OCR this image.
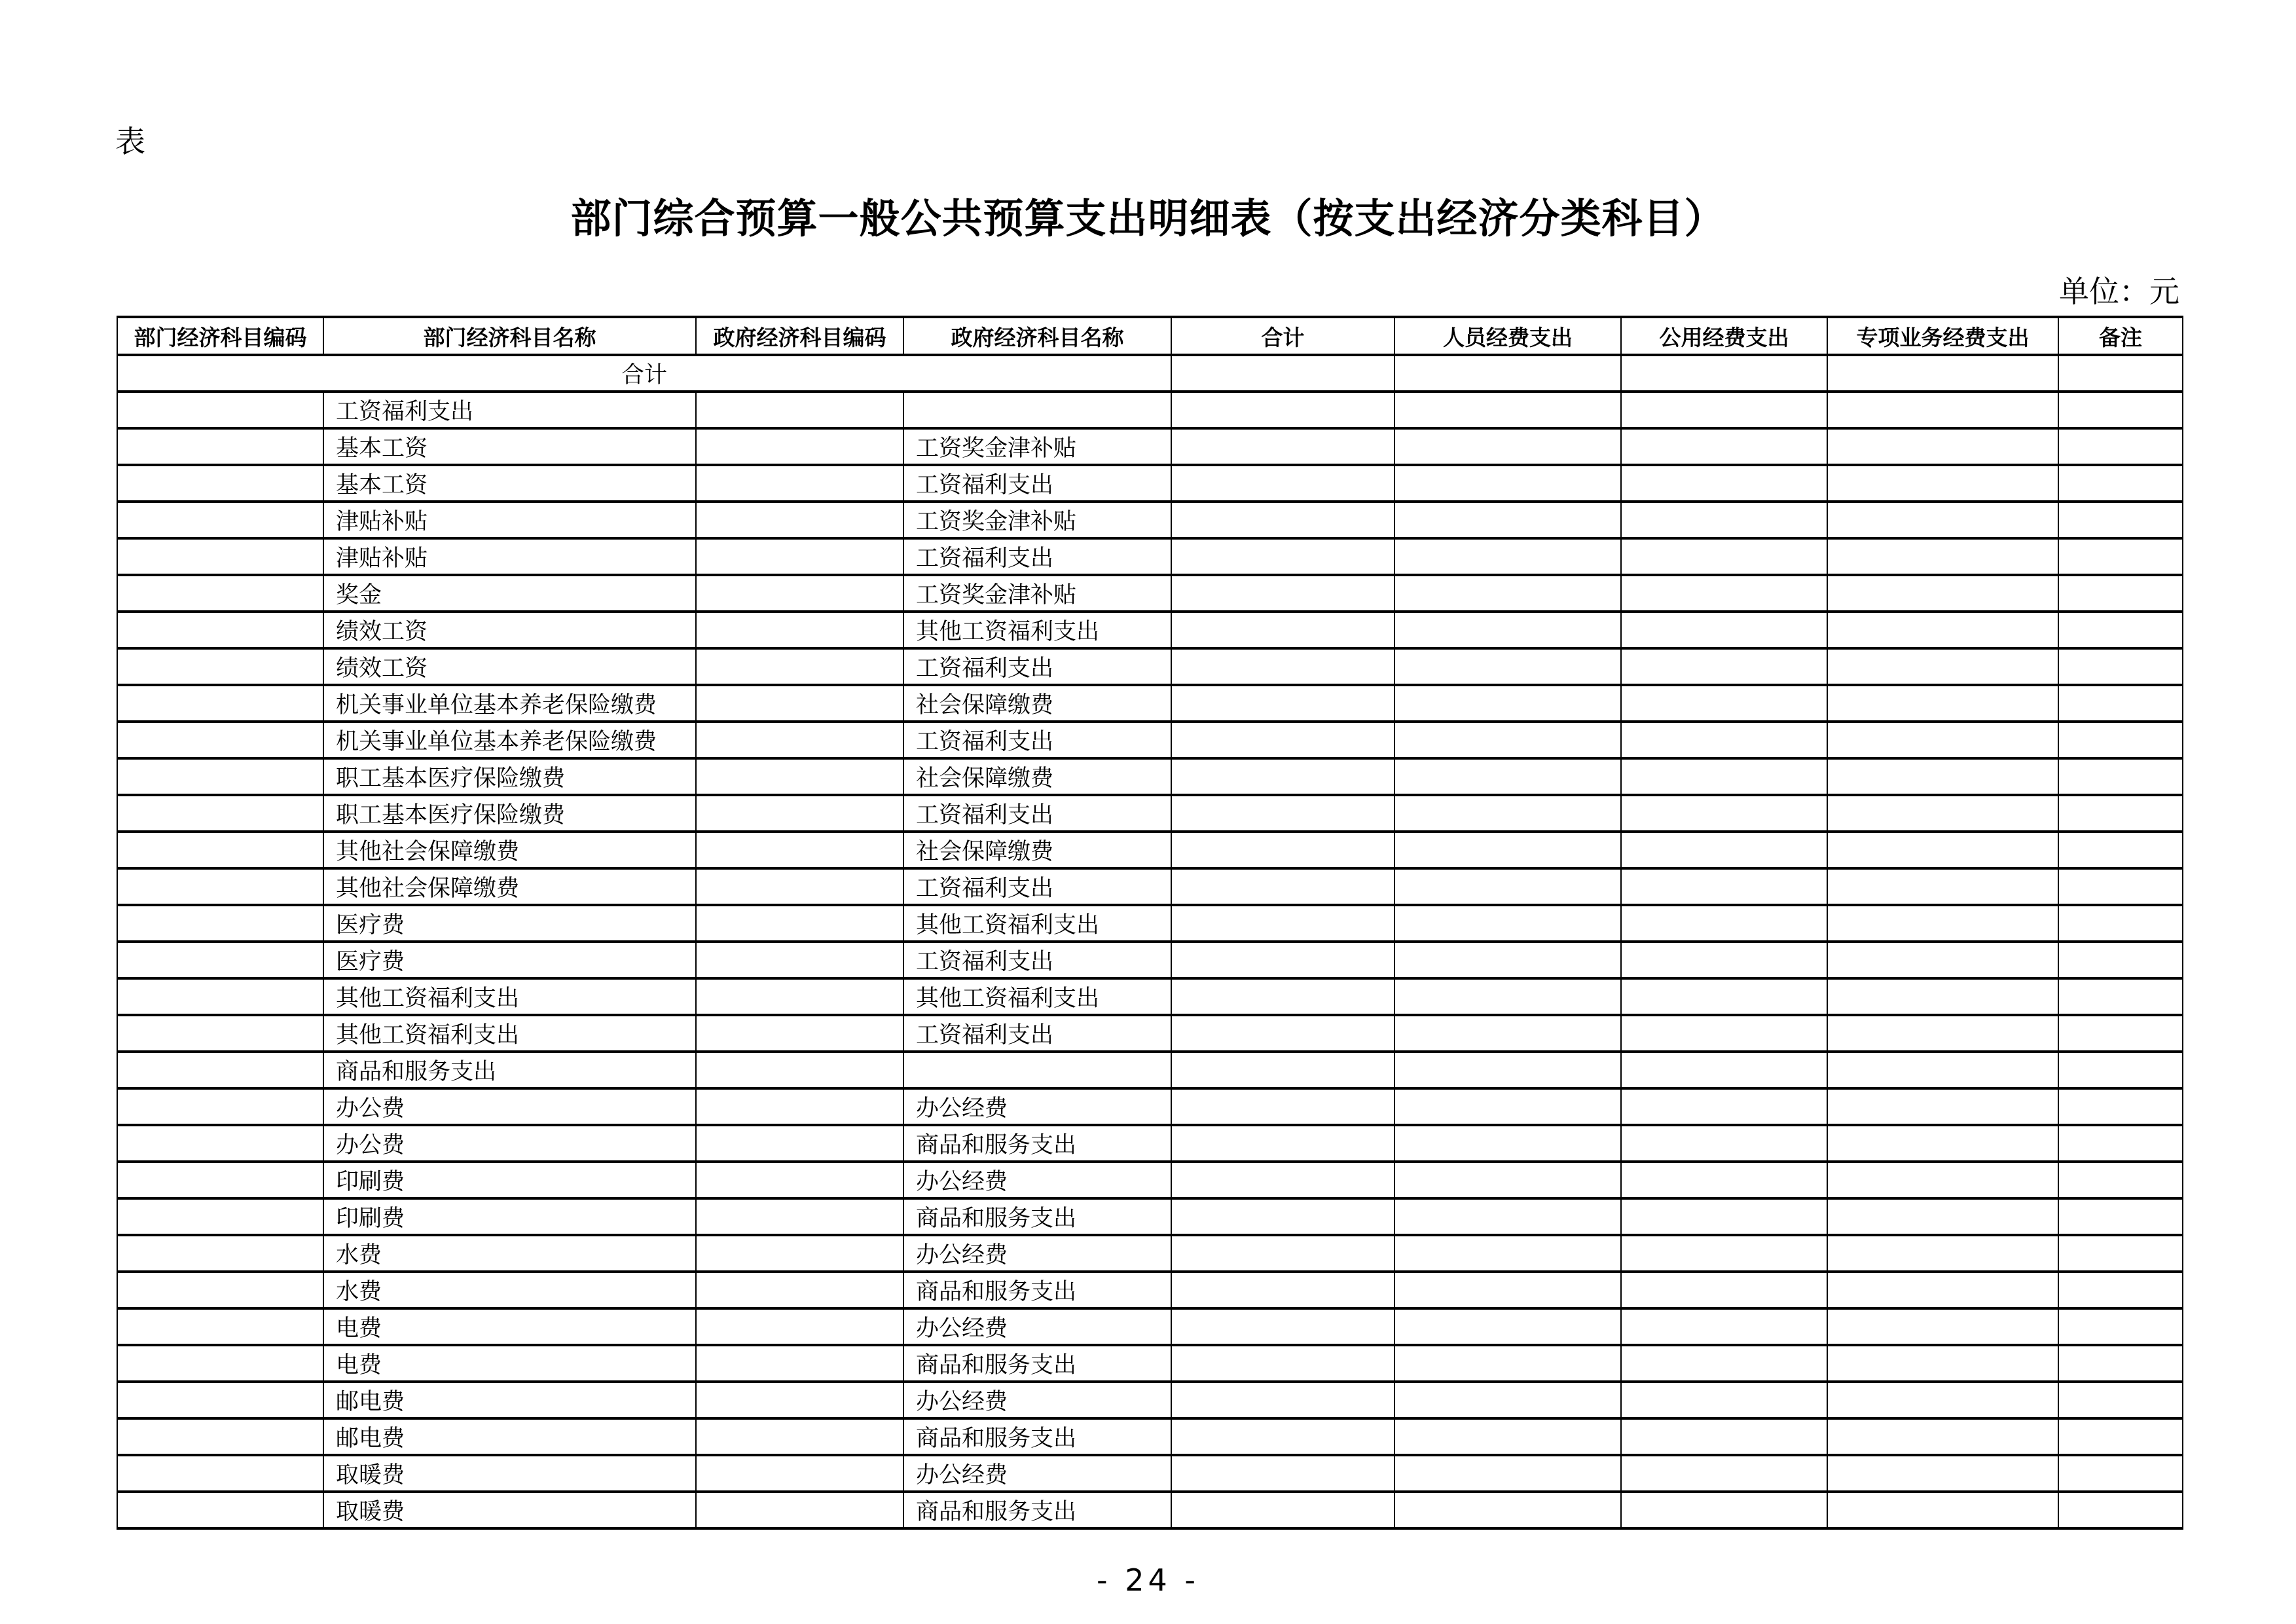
表
部门综合预算一般公共预算支出明细表（按支出经济分类科目）
单位：元
部门经济科目编码	部门经济科目名称	政府经济科目编码	政府经济科目名称	合计	人员经费支出	公用经费支出	专项业务经费支出	备注
合计								
	工资福利支出							
	基本工资		工资奖金津补贴					
	基本工资		工资福利支出					
	津贴补贴		工资奖金津补贴					
	津贴补贴		工资福利支出					
	奖金		工资奖金津补贴					
	绩效工资		其他工资福利支出					
	绩效工资		工资福利支出					
	机关事业单位基本养老保险缴费		社会保障缴费					
	机关事业单位基本养老保险缴费		工资福利支出					
	职工基本医疗保险缴费		社会保障缴费					
	职工基本医疗保险缴费		工资福利支出					
	其他社会保障缴费		社会保障缴费					
	其他社会保障缴费		工资福利支出					
	医疗费		其他工资福利支出					
	医疗费		工资福利支出					
	其他工资福利支出		其他工资福利支出					
	其他工资福利支出		工资福利支出					
	商品和服务支出							
	办公费		办公经费					
	办公费		商品和服务支出					
	印刷费		办公经费					
	印刷费		商品和服务支出					
	水费		办公经费					
	水费		商品和服务支出					
	电费		办公经费					
	电费		商品和服务支出					
	邮电费		办公经费					
	邮电费		商品和服务支出					
	取暖费		办公经费					
	取暖费		商品和服务支出					
- 24 -
